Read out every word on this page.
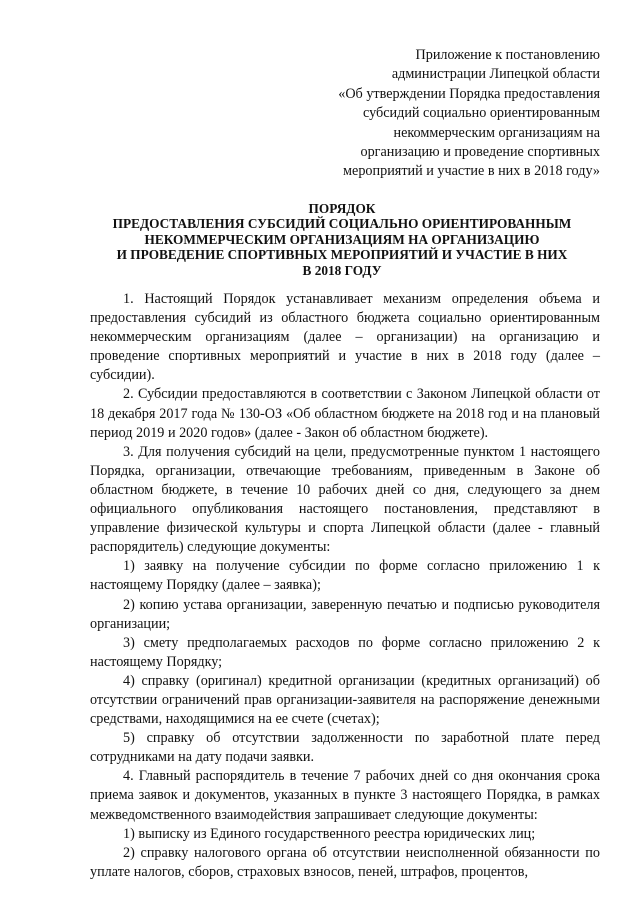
Приложение к постановлению
администрации Липецкой области
«Об утверждении Порядка предоставления
субсидий социально ориентированным
некоммерческим организациям на
организацию и проведение спортивных
мероприятий и участие в них в 2018 году»
ПОРЯДОК
ПРЕДОСТАВЛЕНИЯ СУБСИДИЙ СОЦИАЛЬНО ОРИЕНТИРОВАННЫМ
НЕКОММЕРЧЕСКИМ ОРГАНИЗАЦИЯМ НА ОРГАНИЗАЦИЮ
И ПРОВЕДЕНИЕ СПОРТИВНЫХ МЕРОПРИЯТИЙ И УЧАСТИЕ В НИХ
В 2018 ГОДУ

1. Настоящий Порядок устанавливает механизм определения объема и предоставления субсидий из областного бюджета социально ориентированным некоммерческим организациям (далее – организации) на организацию и проведение спортивных мероприятий и участие в них в 2018 году (далее – субсидии).

2. Субсидии предоставляются в соответствии с Законом Липецкой области от 18 декабря 2017 года № 130-ОЗ «Об областном бюджете на 2018 год и на плановый период 2019 и 2020 годов» (далее - Закон об областном бюджете).

3. Для получения субсидий на цели, предусмотренные пунктом 1 настоящего Порядка, организации, отвечающие требованиям, приведенным в Законе об областном бюджете, в течение 10 рабочих дней со дня, следующего за днем официального опубликования настоящего постановления, представляют в управление физической культуры и спорта Липецкой области (далее - главный распорядитель) следующие документы:

1) заявку на получение субсидии по форме согласно приложению 1 к настоящему Порядку (далее – заявка);

2) копию устава организации, заверенную печатью и подписью руководителя организации;

3) смету предполагаемых расходов по форме согласно приложению 2 к настоящему Порядку;

4) справку (оригинал) кредитной организации (кредитных организаций) об отсутствии ограничений прав организации-заявителя на распоряжение денежными средствами, находящимися на ее счете (счетах);

5) справку об отсутствии задолженности по заработной плате перед сотрудниками на дату подачи заявки.

4. Главный распорядитель в течение 7 рабочих дней со дня окончания срока приема заявок и документов, указанных в пункте 3 настоящего Порядка, в рамках межведомственного взаимодействия запрашивает следующие документы:

1) выписку из Единого государственного реестра юридических лиц;

2) справку налогового органа об отсутствии неисполненной обязанности по уплате налогов, сборов, страховых взносов, пеней, штрафов, процентов,
